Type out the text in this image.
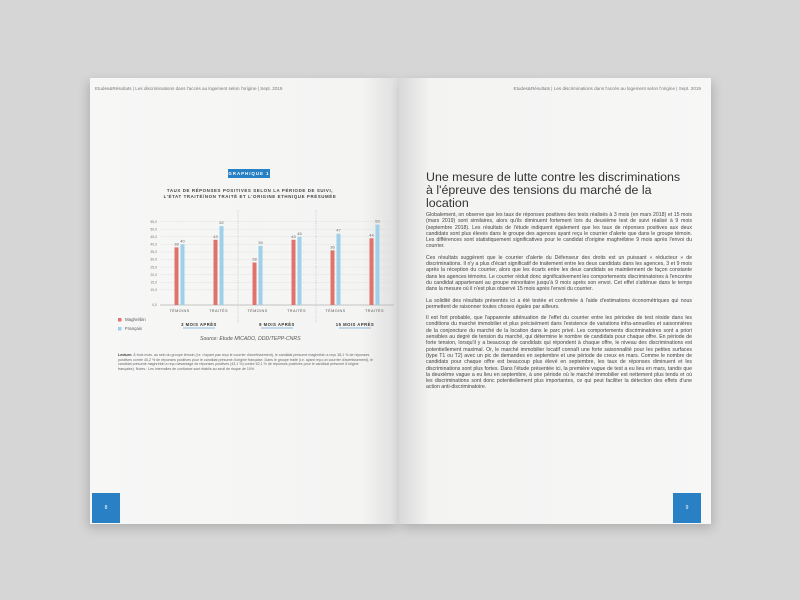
Etudes&Résultats | Les discriminations dans l'accès au logement selon l'origine | Sept. 2019
GRAPHIQUE 1
TAUX DE RÉPONSES POSITIVES SELON LA PÉRIODE DE SUIVI, L'ÉTAT TRAITÉ/NON TRAITÉ ET L'ORIGINE ETHNIQUE PRÉSUMÉE
0,0
10,0
15,0
20,0
25,0
30,0
35,0
40,0
45,0
50,0
55,0
38
40
TÉMOINS
43
52
TRAITÉS
28
39
TÉMOINS
43
45
TRAITÉS
36
47
TÉMOINS
44
53
TRAITÉS
3 MOIS APRÈS	9 MOIS APRÈS	15 MOIS APRÈS
Maghrébin
Français
Source: Etude MICADO, DDD/TEPP-CNRS
Lecture: À trois mois, au sein du groupe témoin (i.e. n'ayant pas reçu le courrier d'avertissement), le candidat présumé maghrébin a reçu 38,1 % de réponses positives contre 40,2 % de réponses positives pour le candidat présumé d'origine française. Dans le groupe traité (i.e. ayant reçu un courrier d'avertissement), le candidat présumé maghrébin a reçu davantage de réponses positives (43,1 %) contre 52,1 % de réponses positives pour le candidat présumé d'origine française). Notes : Les intervalles de confiance sont établis au seuil de risque de 10%.
8
Etudes&Résultats | Les discriminations dans l'accès au logement selon l'origine | Sept. 2019
Une mesure de lutte contre les discriminations à l'épreuve des tensions du marché de la location

Globalement, on observe que les taux de réponses positives des tests réalisés à 3 mois (en mars 2018) et 15 mois (mars 2019) sont similaires, alors qu'ils diminuent fortement lors du deuxième test de suivi réalisé à 9 mois (septembre 2018). Les résultats de l'étude indiquent également que les taux de réponses positives aux deux candidats sont plus élevés dans le groupe des agences ayant reçu le courrier d'alerte que dans le groupe témoin. Les différences sont statistiquement significatives pour le candidat d'origine maghrébine 9 mois après l'envoi du courrier.

Ces résultats suggèrent que le courrier d'alerte du Défenseur des droits est un puissant « réducteur » de discriminations. Il n'y a plus d'écart significatif de traitement entre les deux candidats dans les agences, 3 et 9 mois après la réception du courrier, alors que les écarts entre les deux candidats se maintiennent de façon constante dans les agences témoins. Le courrier réduit donc significativement les comportements discriminatoires à l'encontre du candidat appartenant au groupe minoritaire jusqu'à 9 mois après son envoi. Cet effet s'atténue dans le temps dans la mesure où il n'est plus observé 15 mois après l'envoi du courrier.

La solidité des résultats présentés ici a été testée et confirmée à l'aide d'estimations économétriques qui nous permettent de raisonner toutes choses égales par ailleurs.

Il est fort probable, que l'apparente atténuation de l'effet du courrier entre les périodes de test réside dans les conditions du marché immobilier et plus précisément dans l'existence de variations infra-annuelles et saisonnières de la conjoncture du marché de la location dans le parc privé. Les comportements discriminatoires sont a priori sensibles au degré de tension du marché, qui détermine le nombre de candidats pour chaque offre. En période de forte tension, lorsqu'il y a beaucoup de candidats qui répondent à chaque offre, le niveau des discriminations est potentiellement maximal. Or, le marché immobilier locatif connaît une forte saisonnalité pour les petites surfaces (type T1 ou T2) avec un pic de demandes en septembre et une période de creux en mars. Comme le nombre de candidats pour chaque offre est beaucoup plus élevé en septembre, les taux de réponses diminuent et les discriminations sont plus fortes. Dans l'étude présentée ici, la première vague de test a eu lieu en mars, tandis que la deuxième vague a eu lieu en septembre, à une période où le marché immobilier est nettement plus tendu et où les discriminations sont donc potentiellement plus importantes, ce qui peut faciliter la détection des effets d'une action anti-discriminatoire.

9
